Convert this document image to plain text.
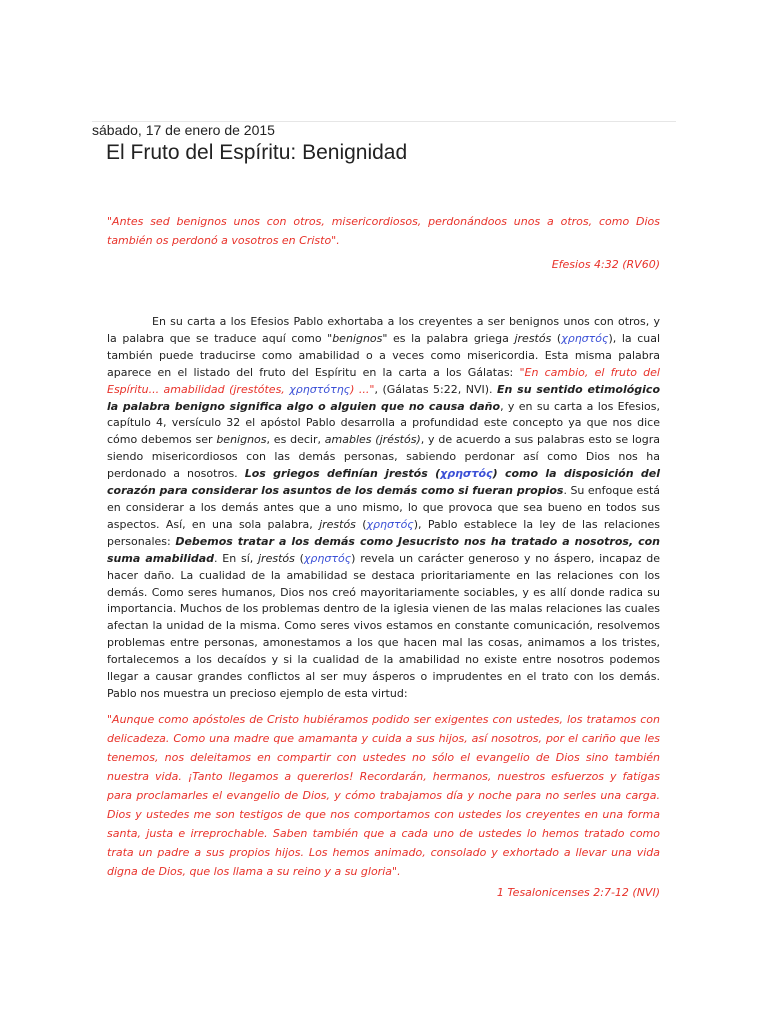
sábado, 17 de enero de 2015
El Fruto del Espíritu: Benignidad

"Antes sed benignos unos con otros, misericordiosos, perdonándoos unos a otros, como Dios también os perdonó a vosotros en Cristo".

Efesios 4:32 (RV60)

En su carta a los Efesios Pablo exhortaba a los creyentes a ser benignos unos con otros, y la palabra que se traduce aquí como "benignos" es la palabra griega jrestós (χρηστός), la cual también puede traducirse como amabilidad o a veces como misericordia. Esta misma palabra aparece en el listado del fruto del Espíritu en la carta a los Gálatas: "En cambio, el fruto del Espíritu... amabilidad (jrestótes, χρηστότης) ...", (Gálatas 5:22, NVI). En su sentido etimológico la palabra benigno significa algo o alguien que no causa daño, y en su carta a los Efesios, capítulo 4, versículo 32 el apóstol Pablo desarrolla a profundidad este concepto ya que nos dice cómo debemos ser benignos, es decir, amables (jréstós), y de acuerdo a sus palabras esto se logra siendo misericordiosos con las demás personas, sabiendo perdonar así como Dios nos ha perdonado a nosotros. Los griegos definían jrestós (χρηστός) como la disposición del corazón para considerar los asuntos de los demás como si fueran propios. Su enfoque está en considerar a los demás antes que a uno mismo, lo que provoca que sea bueno en todos sus aspectos. Así, en una sola palabra, jrestós (χρηστός), Pablo establece la ley de las relaciones personales: Debemos tratar a los demás como Jesucristo nos ha tratado a nosotros, con suma amabilidad. En sí, jrestós (χρηστός) revela un carácter generoso y no áspero, incapaz de hacer daño. La cualidad de la amabilidad se destaca prioritariamente en las relaciones con los demás. Como seres humanos, Dios nos creó mayoritariamente sociables, y es allí donde radica su importancia. Muchos de los problemas dentro de la iglesia vienen de las malas relaciones las cuales afectan la unidad de la misma. Como seres vivos estamos en constante comunicación, resolvemos problemas entre personas, amonestamos a los que hacen mal las cosas, animamos a los tristes, fortalecemos a los decaídos y si la cualidad de la amabilidad no existe entre nosotros podemos llegar a causar grandes conflictos al ser muy ásperos o imprudentes en el trato con los demás. Pablo nos muestra un precioso ejemplo de esta virtud:

"Aunque como apóstoles de Cristo hubiéramos podido ser exigentes con ustedes, los tratamos con delicadeza. Como una madre que amamanta y cuida a sus hijos, así nosotros, por el cariño que les tenemos, nos deleitamos en compartir con ustedes no sólo el evangelio de Dios sino también nuestra vida. ¡Tanto llegamos a quererlos! Recordarán, hermanos, nuestros esfuerzos y fatigas para proclamarles el evangelio de Dios, y cómo trabajamos día y noche para no serles una carga. Dios y ustedes me son testigos de que nos comportamos con ustedes los creyentes en una forma santa, justa e irreprochable. Saben también que a cada uno de ustedes lo hemos tratado como trata un padre a sus propios hijos. Los hemos animado, consolado y exhortado a llevar una vida digna de Dios, que los llama a su reino y a su gloria".

1 Tesalonicenses 2:7-12 (NVI)
